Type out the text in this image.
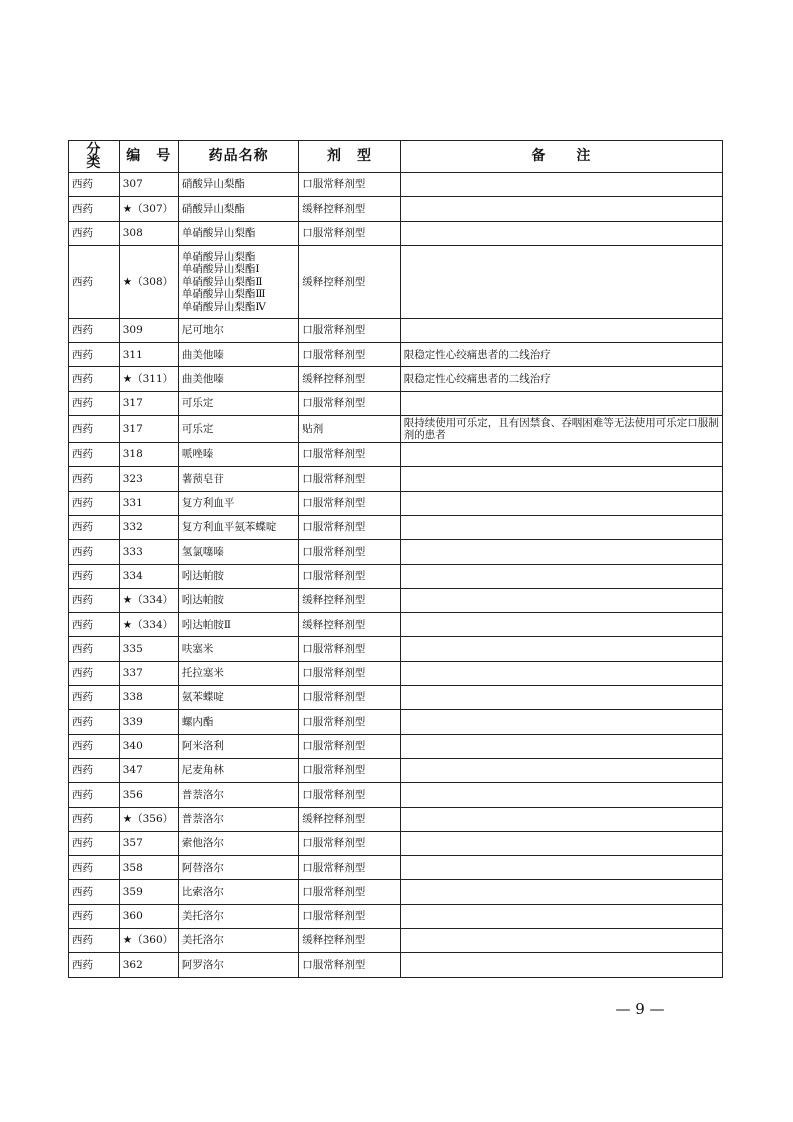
分　类	编　号	药品名称	剂　型	备　　注
西药	307	硝酸异山梨酯	口服常释剂型	
西药	★（307）	硝酸异山梨酯	缓释控释剂型	
西药	308	单硝酸异山梨酯	口服常释剂型	
西药	★（308）	单硝酸异山梨酯
单硝酸异山梨酯Ⅰ
单硝酸异山梨酯Ⅱ
单硝酸异山梨酯Ⅲ
单硝酸异山梨酯Ⅳ	缓释控释剂型	
西药	309	尼可地尔	口服常释剂型	
西药	311	曲美他嗪	口服常释剂型	限稳定性心绞痛患者的二线治疗
西药	★（311）	曲美他嗪	缓释控释剂型	限稳定性心绞痛患者的二线治疗
西药	317	可乐定	口服常释剂型	
西药	317	可乐定	贴剂	限持续使用可乐定，且有因禁食、吞咽困难等无法使用可乐定口服制剂的患者
西药	318	哌唑嗪	口服常释剂型	
西药	323	薯蓣皂苷	口服常释剂型	
西药	331	复方利血平	口服常释剂型	
西药	332	复方利血平氨苯蝶啶	口服常释剂型	
西药	333	氢氯噻嗪	口服常释剂型	
西药	334	吲达帕胺	口服常释剂型	
西药	★（334）	吲达帕胺	缓释控释剂型	
西药	★（334）	吲达帕胺Ⅱ	缓释控释剂型	
西药	335	呋塞米	口服常释剂型	
西药	337	托拉塞米	口服常释剂型	
西药	338	氨苯蝶啶	口服常释剂型	
西药	339	螺内酯	口服常释剂型	
西药	340	阿米洛利	口服常释剂型	
西药	347	尼麦角林	口服常释剂型	
西药	356	普萘洛尔	口服常释剂型	
西药	★（356）	普萘洛尔	缓释控释剂型	
西药	357	索他洛尔	口服常释剂型	
西药	358	阿替洛尔	口服常释剂型	
西药	359	比索洛尔	口服常释剂型	
西药	360	美托洛尔	口服常释剂型	
西药	★（360）	美托洛尔	缓释控释剂型	
西药	362	阿罗洛尔	口服常释剂型	
— 9 —
